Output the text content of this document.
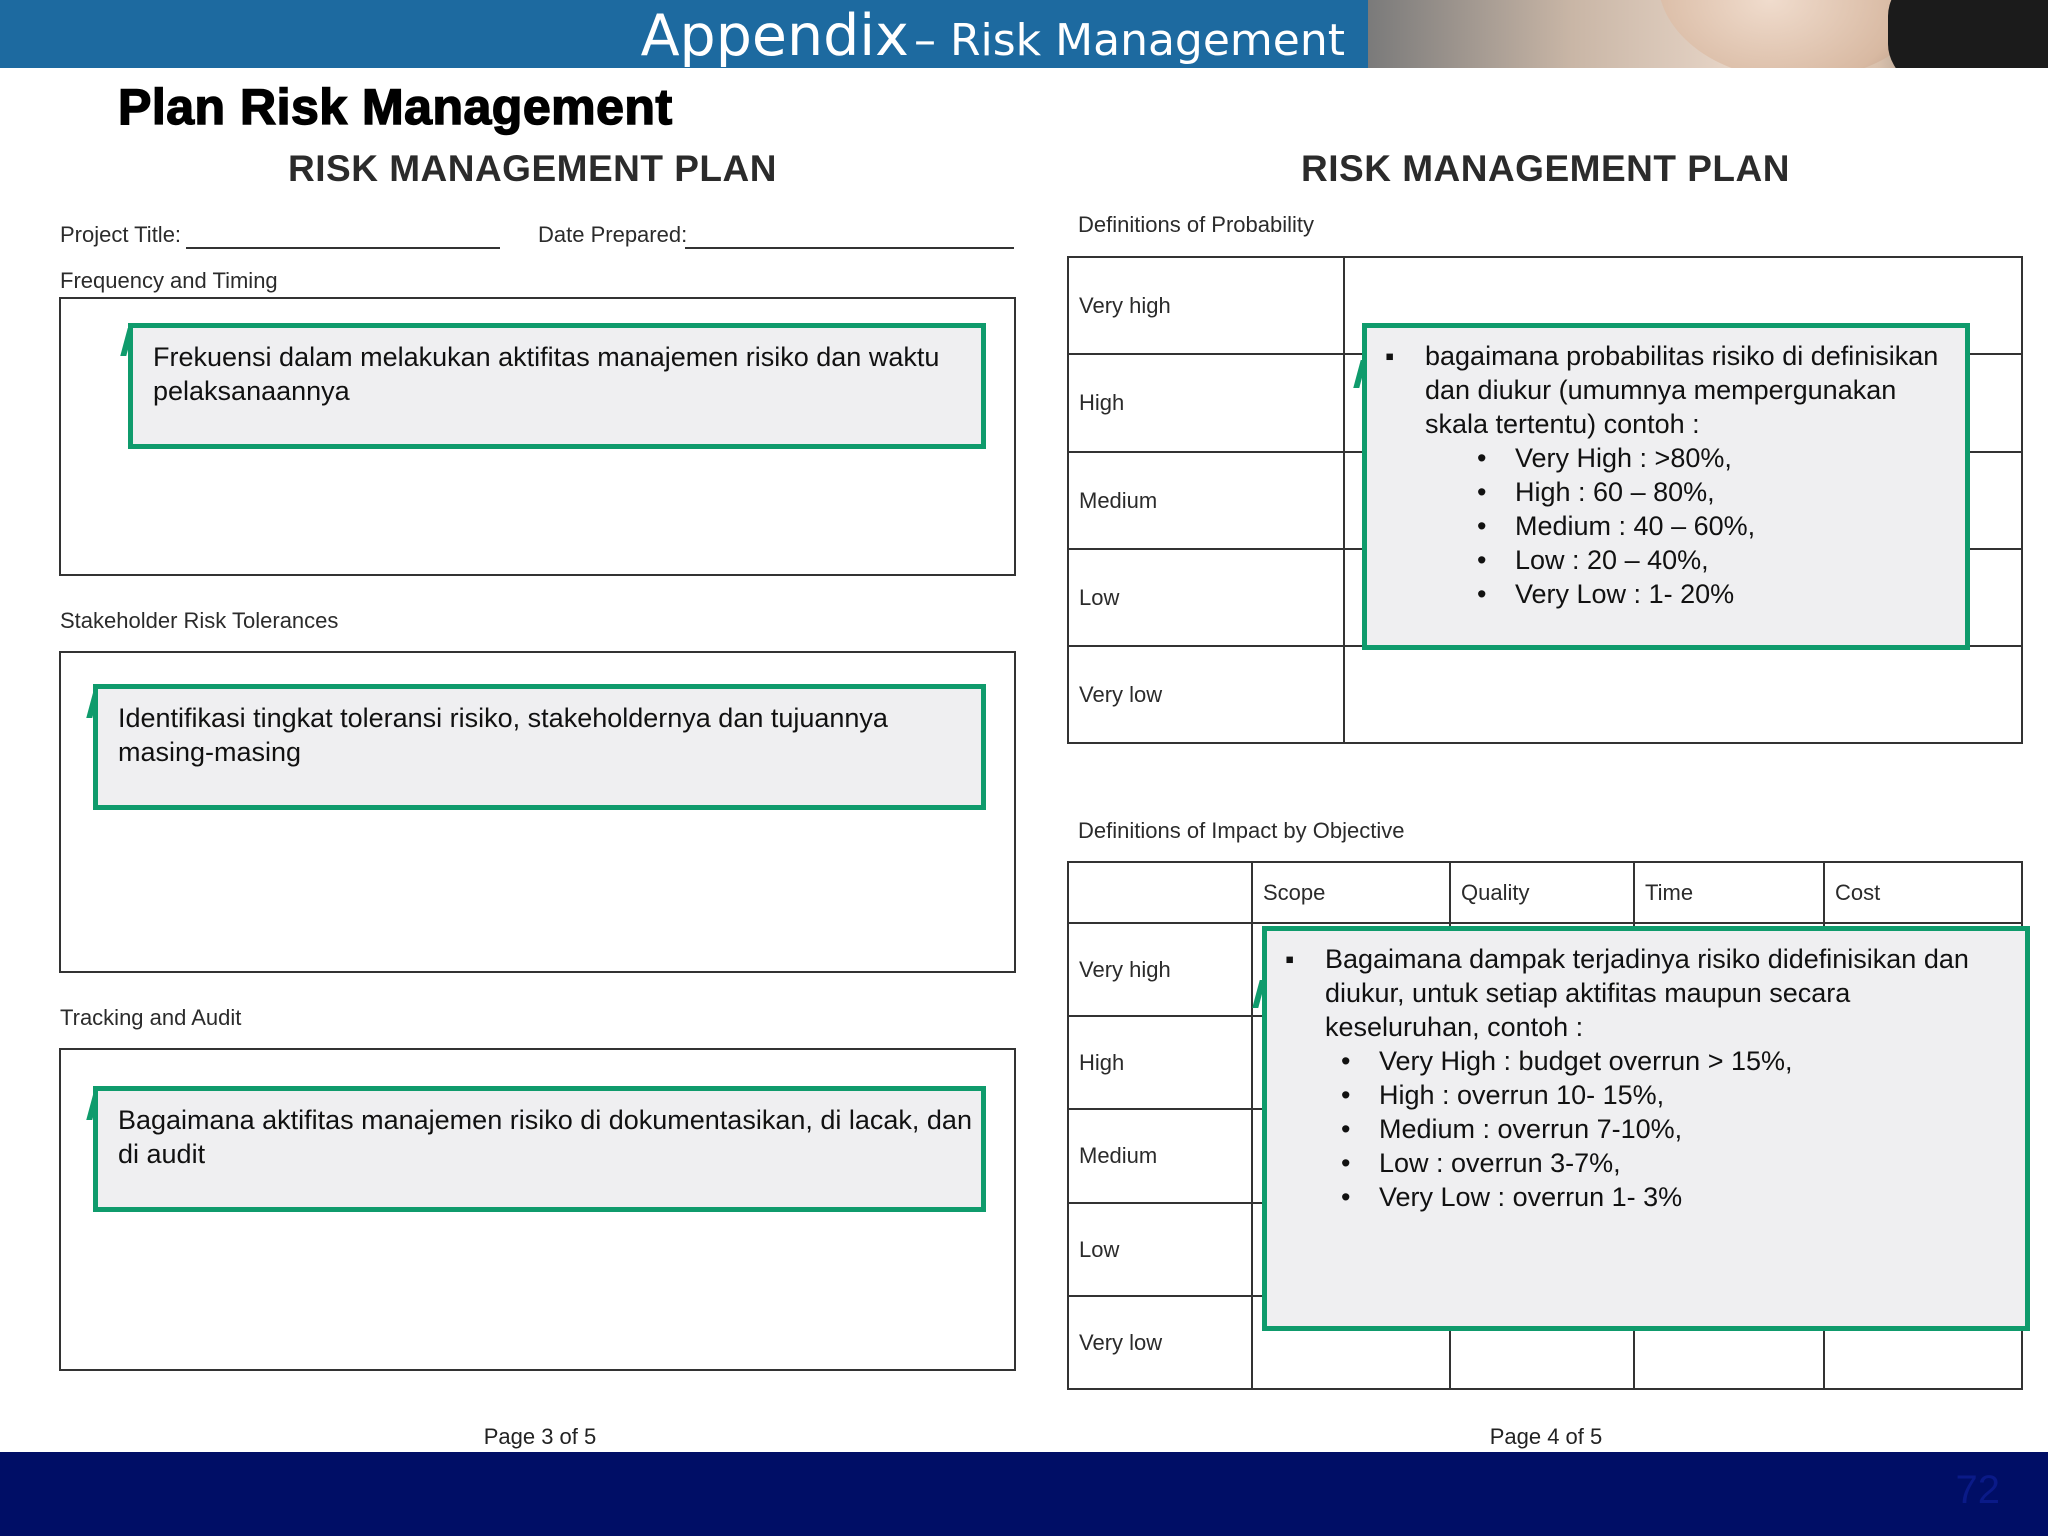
Appendix – Risk Management
Plan Risk Management
RISK MANAGEMENT PLAN
Project Title:	Date Prepared:
Frequency and Timing
Frekuensi dalam melakukan aktifitas manajemen risiko dan waktu pelaksanaannya
Stakeholder Risk Tolerances
Identifikasi tingkat toleransi risiko, stakeholdernya dan tujuannya masing-masing
Tracking and Audit
Bagaimana aktifitas manajemen risiko di dokumentasikan, di lacak, dan di audit
Page 3 of 5
RISK MANAGEMENT PLAN
Definitions of Probability
Very high	
High	
Medium	
Low	
Very low	
▪ bagaimana probabilitas risiko di definisikan dan diukur (umumnya mempergunakan skala tertentu) contoh :
• Very High : >80%,
• High : 60 – 80%,
• Medium : 40 – 60%,
• Low : 20 – 40%,
• Very Low : 1- 20%
Definitions of Impact by Objective
	Scope	Quality	Time	Cost
Very high				
High				
Medium				
Low				
Very low				
▪ Bagaimana dampak terjadinya risiko didefinisikan dan diukur, untuk setiap aktifitas maupun secara keseluruhan, contoh :
• Very High : budget overrun > 15%,
• High : overrun 10- 15%,
• Medium : overrun 7-10%,
• Low : overrun 3-7%,
• Very Low : overrun 1- 3%
Page 4 of 5
72
